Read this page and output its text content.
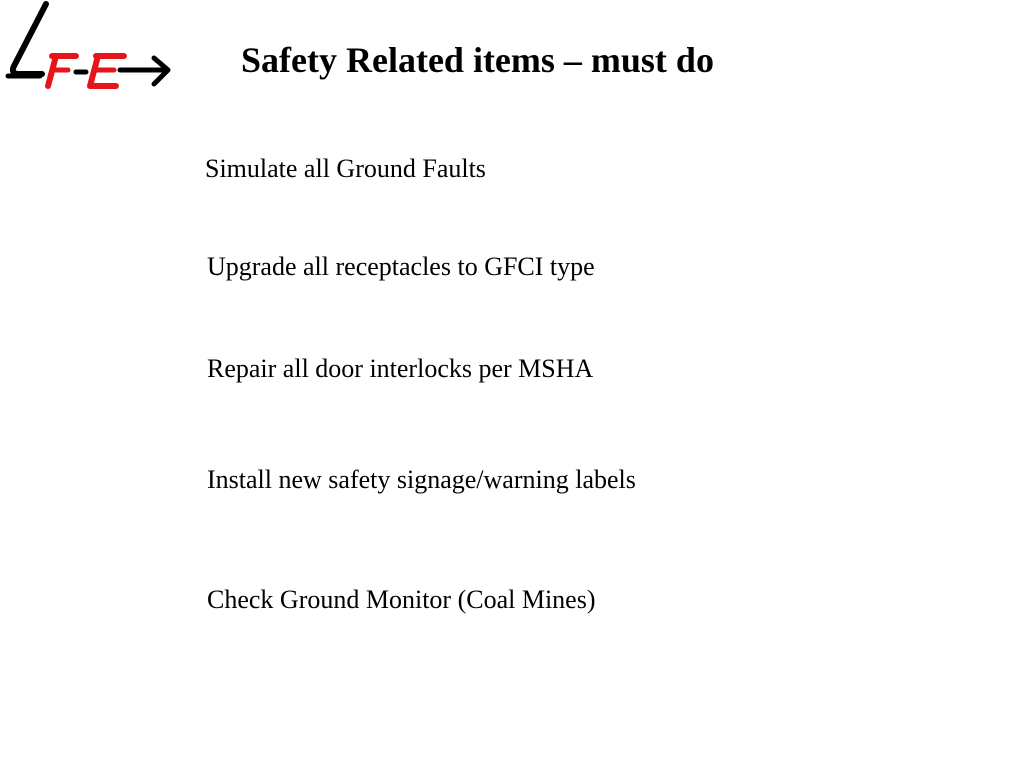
Safety Related items – must do

Simulate all Ground Faults

Upgrade all receptacles to GFCI type

Repair all door interlocks per MSHA

Install new safety signage/warning labels

Check Ground Monitor (Coal Mines)
